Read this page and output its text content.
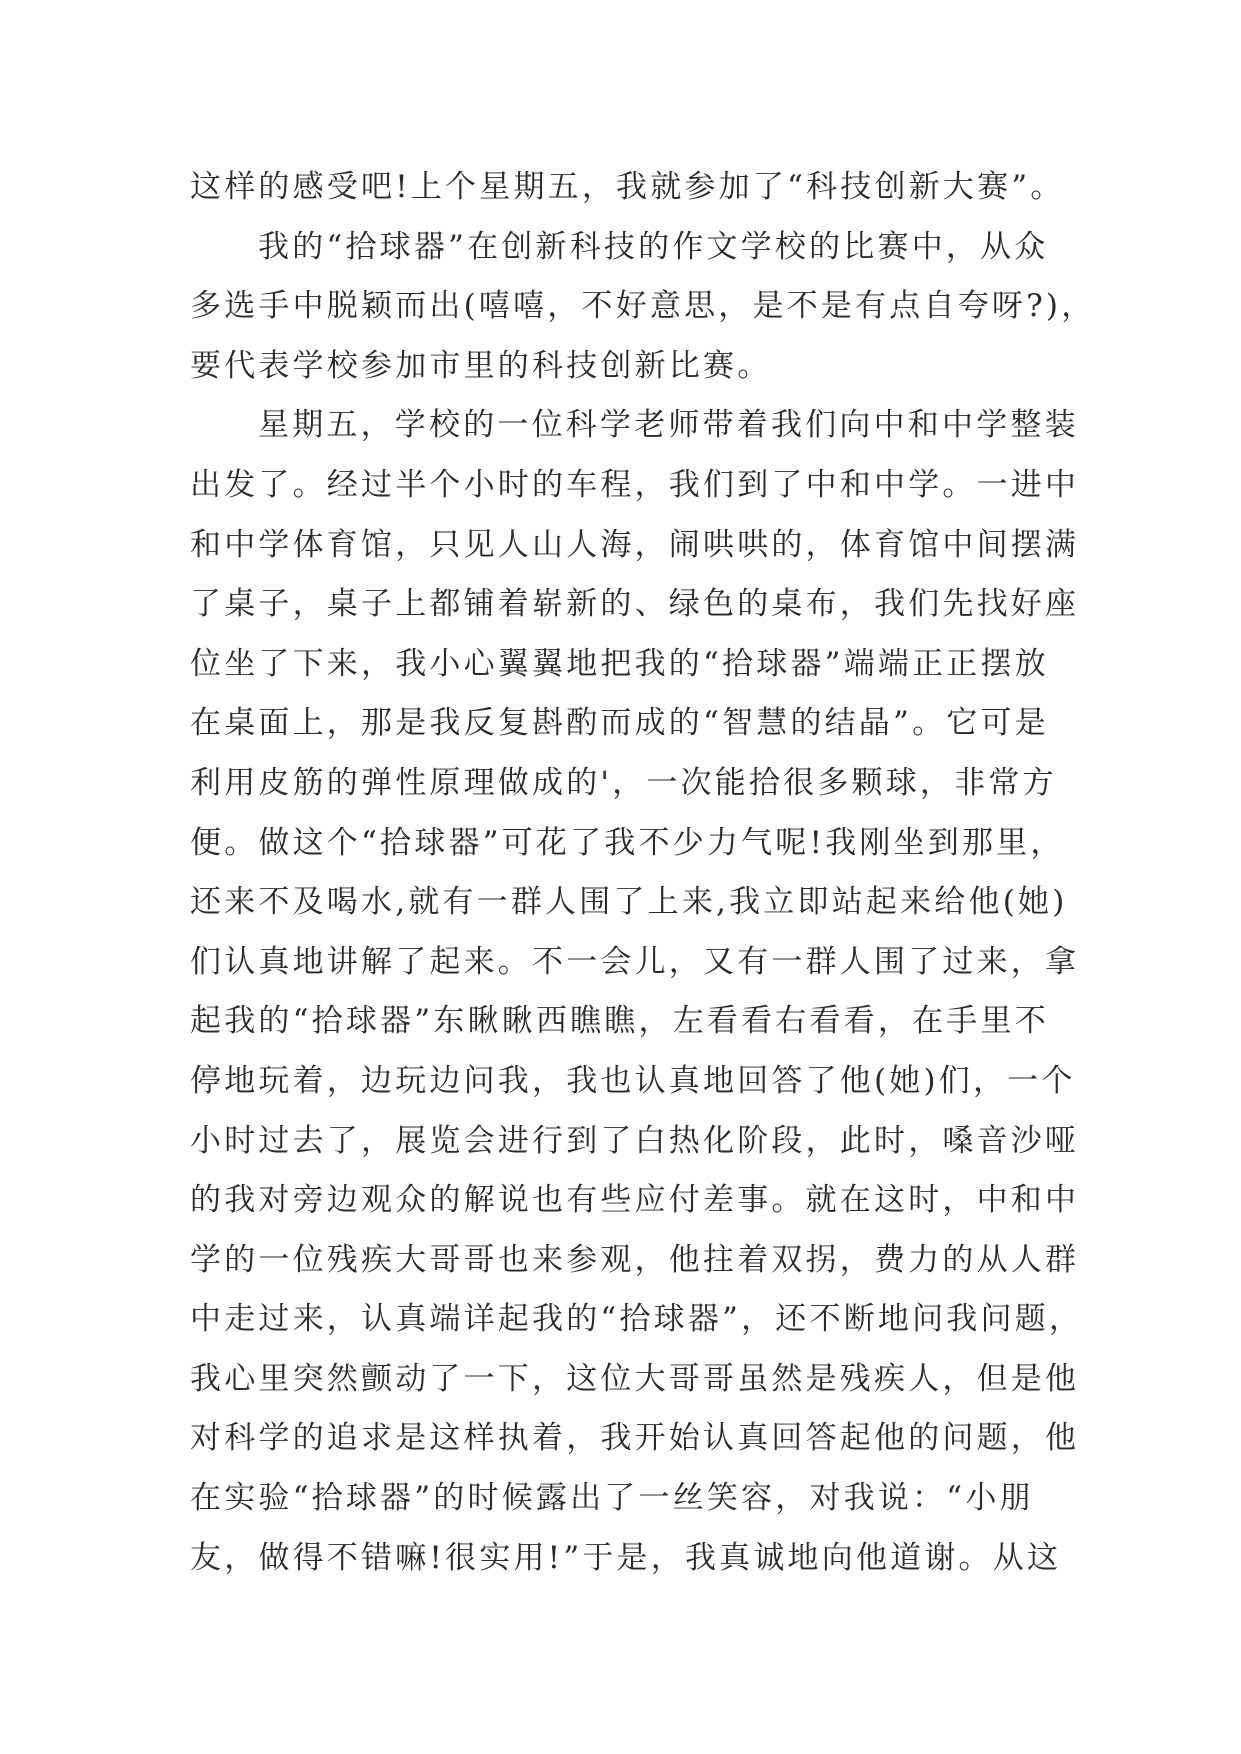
这样的感受吧!上个星期五，我就参加了“科技创新大赛”。
我的“拾球器”在创新科技的作文学校的比赛中，从众
多选手中脱颖而出(嘻嘻，不好意思，是不是有点自夸呀?)，
要代表学校参加市里的科技创新比赛。
星期五，学校的一位科学老师带着我们向中和中学整装
出发了。经过半个小时的车程，我们到了中和中学。一进中
和中学体育馆，只见人山人海，闹哄哄的，体育馆中间摆满
了桌子，桌子上都铺着崭新的、绿色的桌布，我们先找好座
位坐了下来，我小心翼翼地把我的“拾球器”端端正正摆放
在桌面上，那是我反复斟酌而成的“智慧的结晶”。它可是
利用皮筋的弹性原理做成的'，一次能拾很多颗球，非常方
便。做这个“拾球器”可花了我不少力气呢!我刚坐到那里，
还来不及喝水,就有一群人围了上来,我立即站起来给他(她)
们认真地讲解了起来。不一会儿，又有一群人围了过来，拿
起我的“拾球器”东瞅瞅西瞧瞧，左看看右看看，在手里不
停地玩着，边玩边问我，我也认真地回答了他(她)们，一个
小时过去了，展览会进行到了白热化阶段，此时，嗓音沙哑
的我对旁边观众的解说也有些应付差事。就在这时，中和中
学的一位残疾大哥哥也来参观，他拄着双拐，费力的从人群
中走过来，认真端详起我的“拾球器”，还不断地问我问题，
我心里突然颤动了一下，这位大哥哥虽然是残疾人，但是他
对科学的追求是这样执着，我开始认真回答起他的问题，他
在实验“拾球器”的时候露出了一丝笑容，对我说：“小朋
友，做得不错嘛!很实用!”于是，我真诚地向他道谢。从这
